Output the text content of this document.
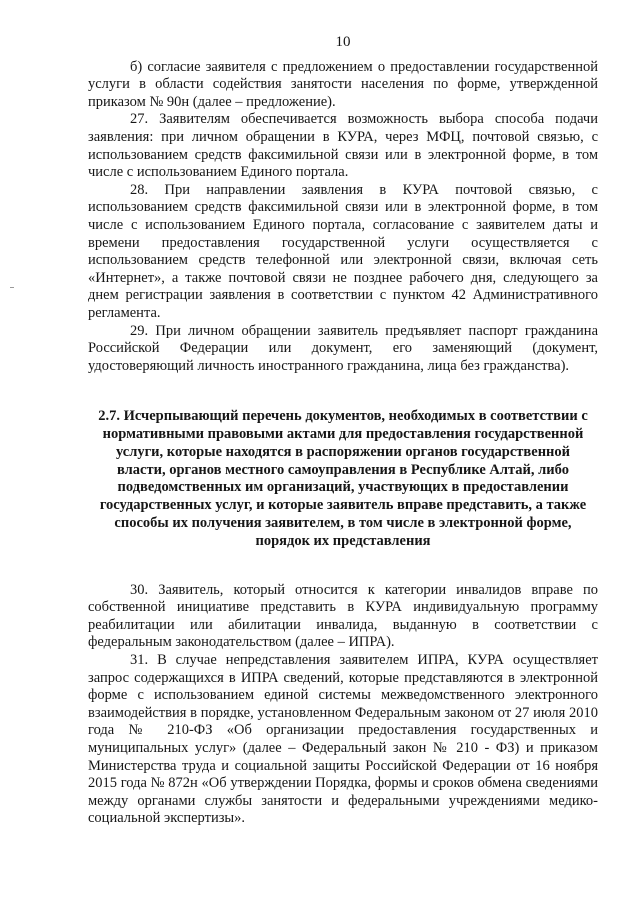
10

б) согласие заявителя с предложением о предоставлении государственной услуги в области содействия занятости населения по форме, утвержденной приказом № 90н (далее – предложение).

27. Заявителям обеспечивается возможность выбора способа подачи заявления: при личном обращении в КУРА, через МФЦ, почтовой связью, с использованием средств факсимильной связи или в электронной форме, в том числе с использованием Единого портала.

28. При направлении заявления в КУРА почтовой связью, с использованием средств факсимильной связи или в электронной форме, в том числе с использованием Единого портала, согласование с заявителем даты и времени предоставления государственной услуги осуществляется с использованием средств телефонной или электронной связи, включая сеть «Интернет», а также почтовой связи не позднее рабочего дня, следующего за днем регистрации заявления в соответствии с пунктом 42 Административного регламента.

29. При личном обращении заявитель предъявляет паспорт гражданина Российской Федерации или документ, его заменяющий (документ, удостоверяющий личность иностранного гражданина, лица без гражданства).

2.7. Исчерпывающий перечень документов, необходимых в соответствии с нормативными правовыми актами для предоставления государственной услуги, которые находятся в распоряжении органов государственной власти, органов местного самоуправления в Республике Алтай, либо подведомственных им организаций, участвующих в предоставлении государственных услуг, и которые заявитель вправе представить, а также способы их получения заявителем, в том числе в электронной форме, порядок их представления

30. Заявитель, который относится к категории инвалидов вправе по собственной инициативе представить в КУРА индивидуальную программу реабилитации или абилитации инвалида, выданную в соответствии с федеральным законодательством (далее – ИПРА).

31. В случае непредставления заявителем ИПРА, КУРА осуществляет запрос содержащихся в ИПРА сведений, которые представляются в электронной форме с использованием единой системы межведомственного электронного взаимодействия в порядке, установленном Федеральным законом от 27 июля 2010 года № 210-ФЗ «Об организации предоставления государственных и муниципальных услуг» (далее – Федеральный закон № 210 - ФЗ) и приказом Министерства труда и социальной защиты Российской Федерации от 16 ноября 2015 года № 872н «Об утверждении Порядка, формы и сроков обмена сведениями между органами службы занятости и федеральными учреждениями медико-социальной экспертизы».
